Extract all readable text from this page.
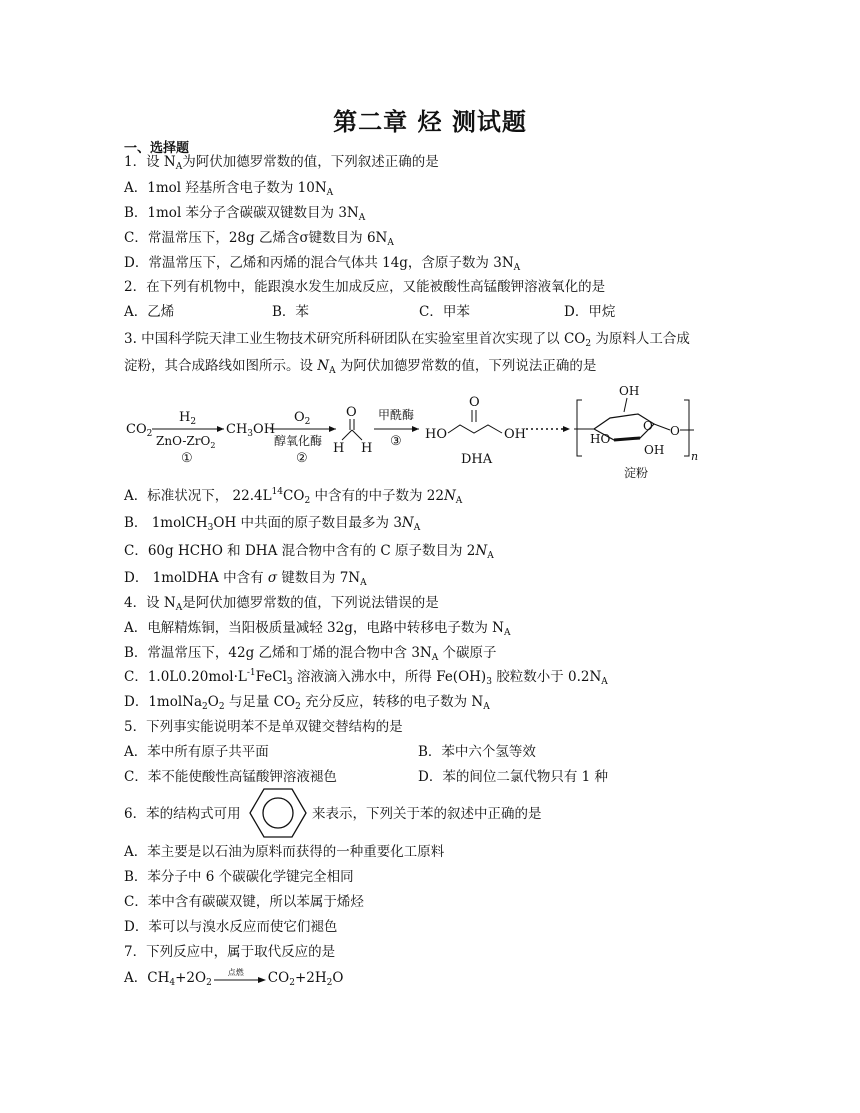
第二章 烃 测试题
一、选择题
1．设 $N_A$为阿伏加德罗常数的值，下列叙述正确的是
A．1mol 羟基所含电子数为 $10N_A$
B．1mol 苯分子含碳碳双键数目为 $3N_A$
C．常温常压下，28g 乙烯含σ键数目为 $6N_A$
D．常温常压下，乙烯和丙烯的混合气体共 14g，含原子数为 $3N_A$
2．在下列有机物中，能跟溴水发生加成反应，又能被酸性高锰酸钾溶液氧化的是
A．乙烯	B．苯	C．甲苯	D．甲烷
3. 中国科学院天津工业生物技术研究所科研团队在实验室里首次实现了以 $CO_2$ 为原料人工合成
淀粉，其合成路线如图所示。设 $N_A$ 为阿伏加德罗常数的值，下列说法正确的是
$CO_2$
$H_2$
ZnO-ZrO$_2$
①
$CH_3OH$
$O_2$
醇氧化酶
②
O
H H
甲酰酶
③ HO
O
OH
DHA
OH
HO
O
OH
O
n
淀粉
A．标准状况下， $22.4L^{14}CO_2$ 中含有的中子数为 $22N_A$
B． 1molCH$_3$OH 中共面的原子数目最多为 $3N_A$
C．60g HCHO 和 DHA 混合物中含有的 C 原子数目为 $2N_A$
D． 1molDHA 中含有 σ 键数目为 $7N_A$
4．设 $N_A$是阿伏加德罗常数的值，下列说法错误的是
A．电解精炼铜，当阳极质量减轻 32g，电路中转移电子数为 $N_A$
B．常温常压下，42g 乙烯和丁烯的混合物中含 $3N_A$ 个碳原子
C．$1.0L0.20mol\cdot L^{-1}FeCl_3$ 溶液滴入沸水中，所得 $Fe(OH)_3$ 胶粒数小于 $0.2N_A$
D．$1molNa_2O_2$ 与足量 $CO_2$ 充分反应，转移的电子数为 $N_A$
5．下列事实能说明苯不是单双键交替结构的是
A．苯中所有原子共平面	B．苯中六个氢等效
C．苯不能使酸性高锰酸钾溶液褪色	D．苯的间位二氯代物只有 1 种
6．苯的结构式可用	来表示，下列关于苯的叙述中正确的是
A．苯主要是以石油为原料而获得的一种重要化工原料
B．苯分子中 6 个碳碳化学键完全相同
C．苯中含有碳碳双键，所以苯属于烯烃
D．苯可以与溴水反应而使它们褪色
7．下列反应中，属于取代反应的是
A．$CH_4+2O_2$
点燃 $CO_2+2H_2O$
